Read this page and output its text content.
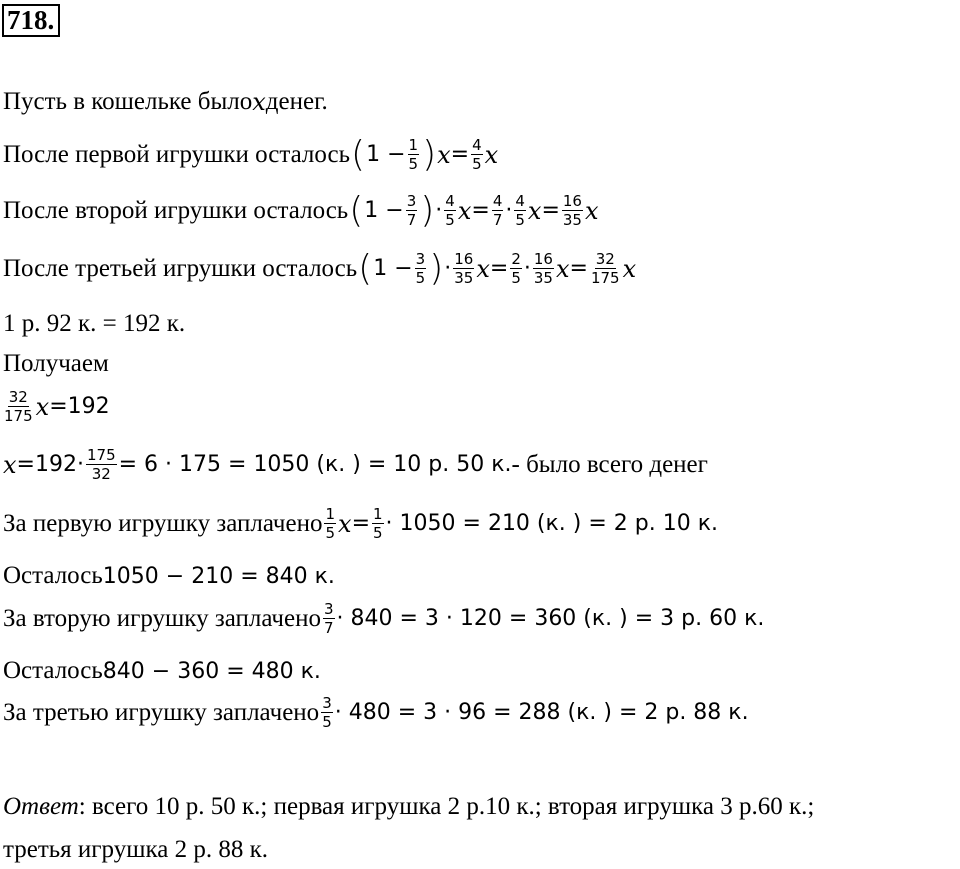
718.
Пусть в кошельке было x денег.
После первой игрушки осталось ( $1 - \frac{1}{5}$ ) $x = \frac{4}{5}$ x
После второй игрушки осталось ( $1 - \frac{3}{7}$ ) · $\frac{4}{5}$ $x = \frac{4}{7} \cdot \frac{4}{5}$ $x = \frac{16}{35}$ x
После третьей игрушки осталось ( $1 - \frac{3}{5}$ ) · $\frac{16}{35}$ $x = \frac{2}{5} \cdot \frac{16}{35}$ $x = \frac{32}{175}$ x
1 р. 92 к. = 192 к.
Получаем
$\frac{32}{175}$ x = 192
$x = 192 \cdot \frac{175}{32} = 6 \cdot 175 = 1050$ (к. ) = 10 р. 50 к. - было всего денег
За первую игрушку заплачено $\frac{1}{5}$ $x = \frac{1}{5} \cdot 1050 = 210$ (к. ) = 2 р. 10 к.
Осталось 1050 − 210 = 840 к.
За вторую игрушку заплачено $\frac{3}{7} \cdot 840 = 3 \cdot 120 = 360$ (к. ) = 3 р. 60 к.
Осталось 840 − 360 = 480 к.
За третью игрушку заплачено $\frac{3}{5} \cdot 480 = 3 \cdot 96 = 288$ (к. ) = 2 р. 88 к.
Ответ : всего 10 р. 50 к.; первая игрушка 2 р.10 к.; вторая игрушка 3 р.60 к.;
третья игрушка 2 р. 88 к.
